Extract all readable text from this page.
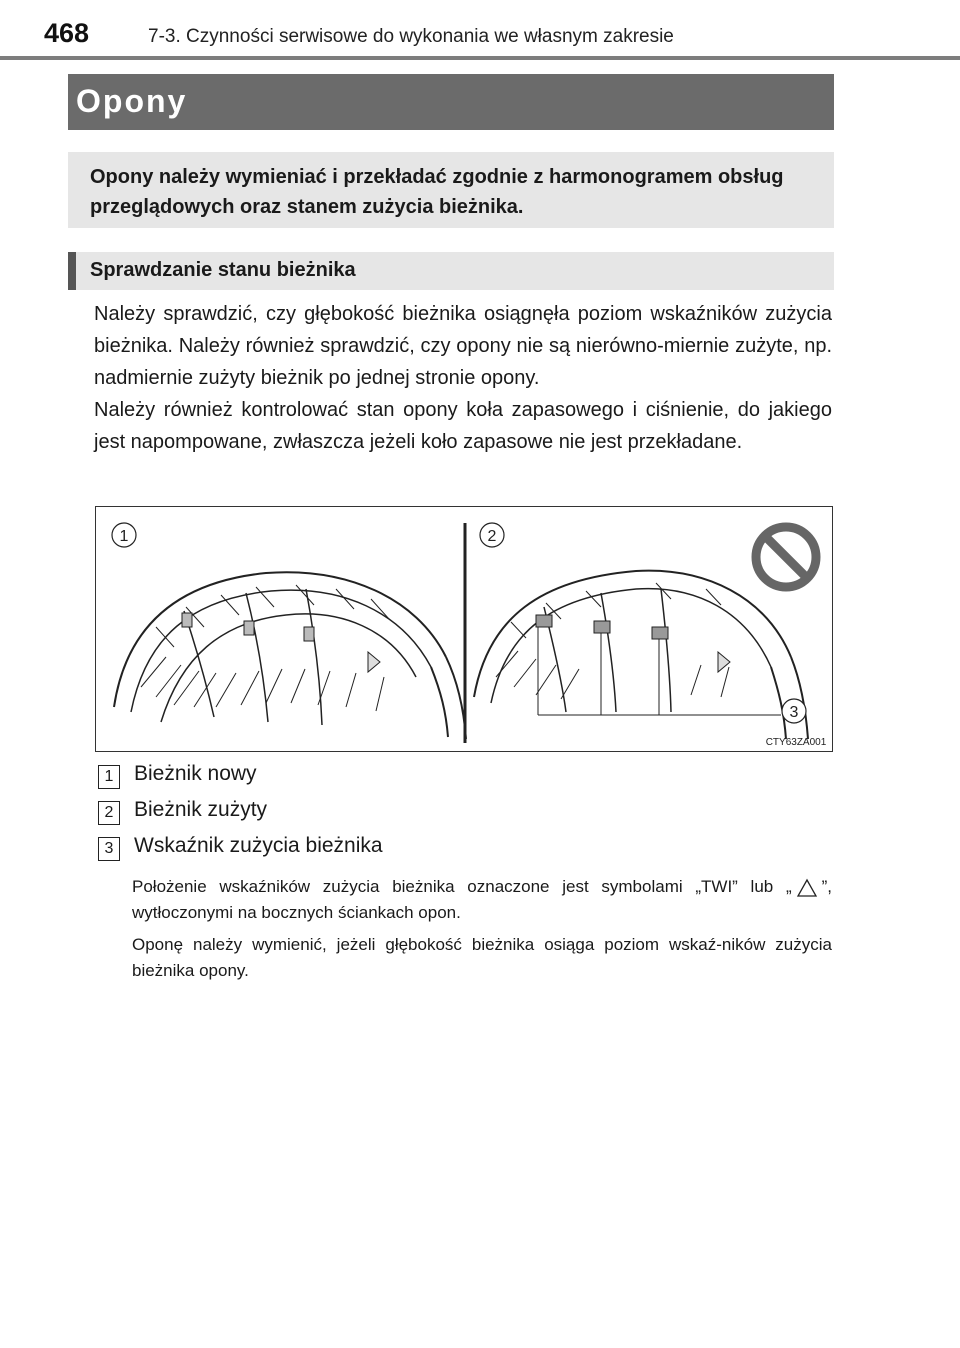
468	7-3. Czynności serwisowe do wykonania we własnym zakresie
Opony
Opony należy wymieniać i przekładać zgodnie z harmonogramem obsług przeglądowych oraz stanem zużycia bieżnika.
Sprawdzanie stanu bieżnika
Należy sprawdzić, czy głębokość bieżnika osiągnęła poziom wskaźników zużycia bieżnika. Należy również sprawdzić, czy opony nie są nierówno-miernie zużyte, np. nadmiernie zużyty bieżnik po jednej stronie opony.
Należy również kontrolować stan opony koła zapasowego i ciśnienie, do jakiego jest napompowane, zwłaszcza jeżeli koło zapasowe nie jest przekładane.
1	2
3
CTY63ZA001
1 Bieżnik nowy
2 Bieżnik zużyty
3 Wskaźnik zużycia bieżnika
Położenie wskaźników zużycia bieżnika oznaczone jest symbolami „TWI” lub „ ”, wytłoczonymi na bocznych ściankach opon.
Oponę należy wymienić, jeżeli głębokość bieżnika osiąga poziom wskaź-ników zużycia bieżnika opony.
